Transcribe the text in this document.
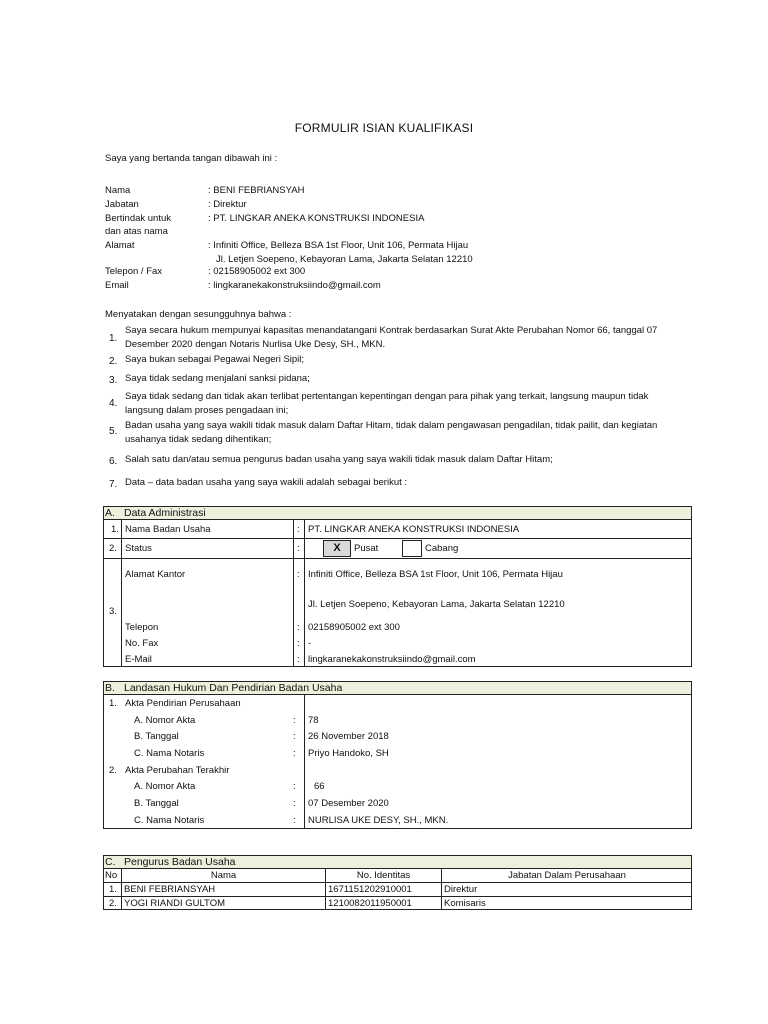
FORMULIR ISIAN KUALIFIKASI
Saya yang bertanda tangan dibawah ini :
Nama	: BENI FEBRIANSYAH
Jabatan	: Direktur
Bertindak untuk	: PT. LINGKAR ANEKA KONSTRUKSI INDONESIA
dan atas nama
Alamat	: Infiniti Office, Belleza BSA 1st Floor, Unit 106, Permata Hijau
Jl. Letjen Soepeno, Kebayoran Lama, Jakarta Selatan 12210
Telepon / Fax	: 02158905002 ext 300
Email	: lingkaranekakonstruksiindo@gmail.com
Menyatakan dengan sesungguhnya bahwa :
1.
Saya secara hukum mempunyai kapasitas menandatangani Kontrak berdasarkan Surat Akte Perubahan Nomor 66, tanggal 07 Desember 2020 dengan Notaris Nurlisa Uke Desy, SH., MKN.
2. Saya bukan sebagai Pegawai Negeri Sipil;
3. Saya tidak sedang menjalani sanksi pidana;
4.
Saya tidak sedang dan tidak akan terlibat pertentangan kepentingan dengan para pihak yang terkait, langsung maupun tidak langsung dalam proses pengadaan ini;
5.
Badan usaha yang saya wakili tidak masuk dalam Daftar Hitam, tidak dalam pengawasan pengadilan, tidak pailit, dan kegiatan usahanya tidak sedang dihentikan;
6. Salah satu dan/atau semua pengurus badan usaha yang saya wakili tidak masuk dalam Daftar Hitam;
7. Data – data badan usaha yang saya wakili adalah sebagai berikut :
A. Data Administrasi
1. Nama Badan Usaha	: PT. LINGKAR ANEKA KONSTRUKSI INDONESIA
2. Status	:	X	Pusat	Cabang
3.
Alamat Kantor	: Infiniti Office, Belleza BSA 1st Floor, Unit 106, Permata Hijau
Jl. Letjen Soepeno, Kebayoran Lama, Jakarta Selatan 12210
Telepon	: 02158905002 ext 300
No. Fax	: -
E-Mail	: lingkaranekakonstruksiindo@gmail.com
B. Landasan Hukum Dan Pendirian Badan Usaha
1. Akta Pendirian Perusahaan
A. Nomor Akta	: 78
B. Tanggal	: 26 November 2018
C. Nama Notaris	: Priyo Handoko, SH
2. Akta Perubahan Terakhir
A. Nomor Akta	: 66
B. Tanggal	: 07 Desember 2020
C. Nama Notaris	: NURLISA UKE DESY, SH., MKN.
C. Pengurus Badan Usaha
No	Nama	No. Identitas	Jabatan Dalam Perusahaan
1. BENI FEBRIANSYAH	1671151202910001	Direktur
2. YOGI RIANDI GULTOM	1210082011950001	Komisaris
